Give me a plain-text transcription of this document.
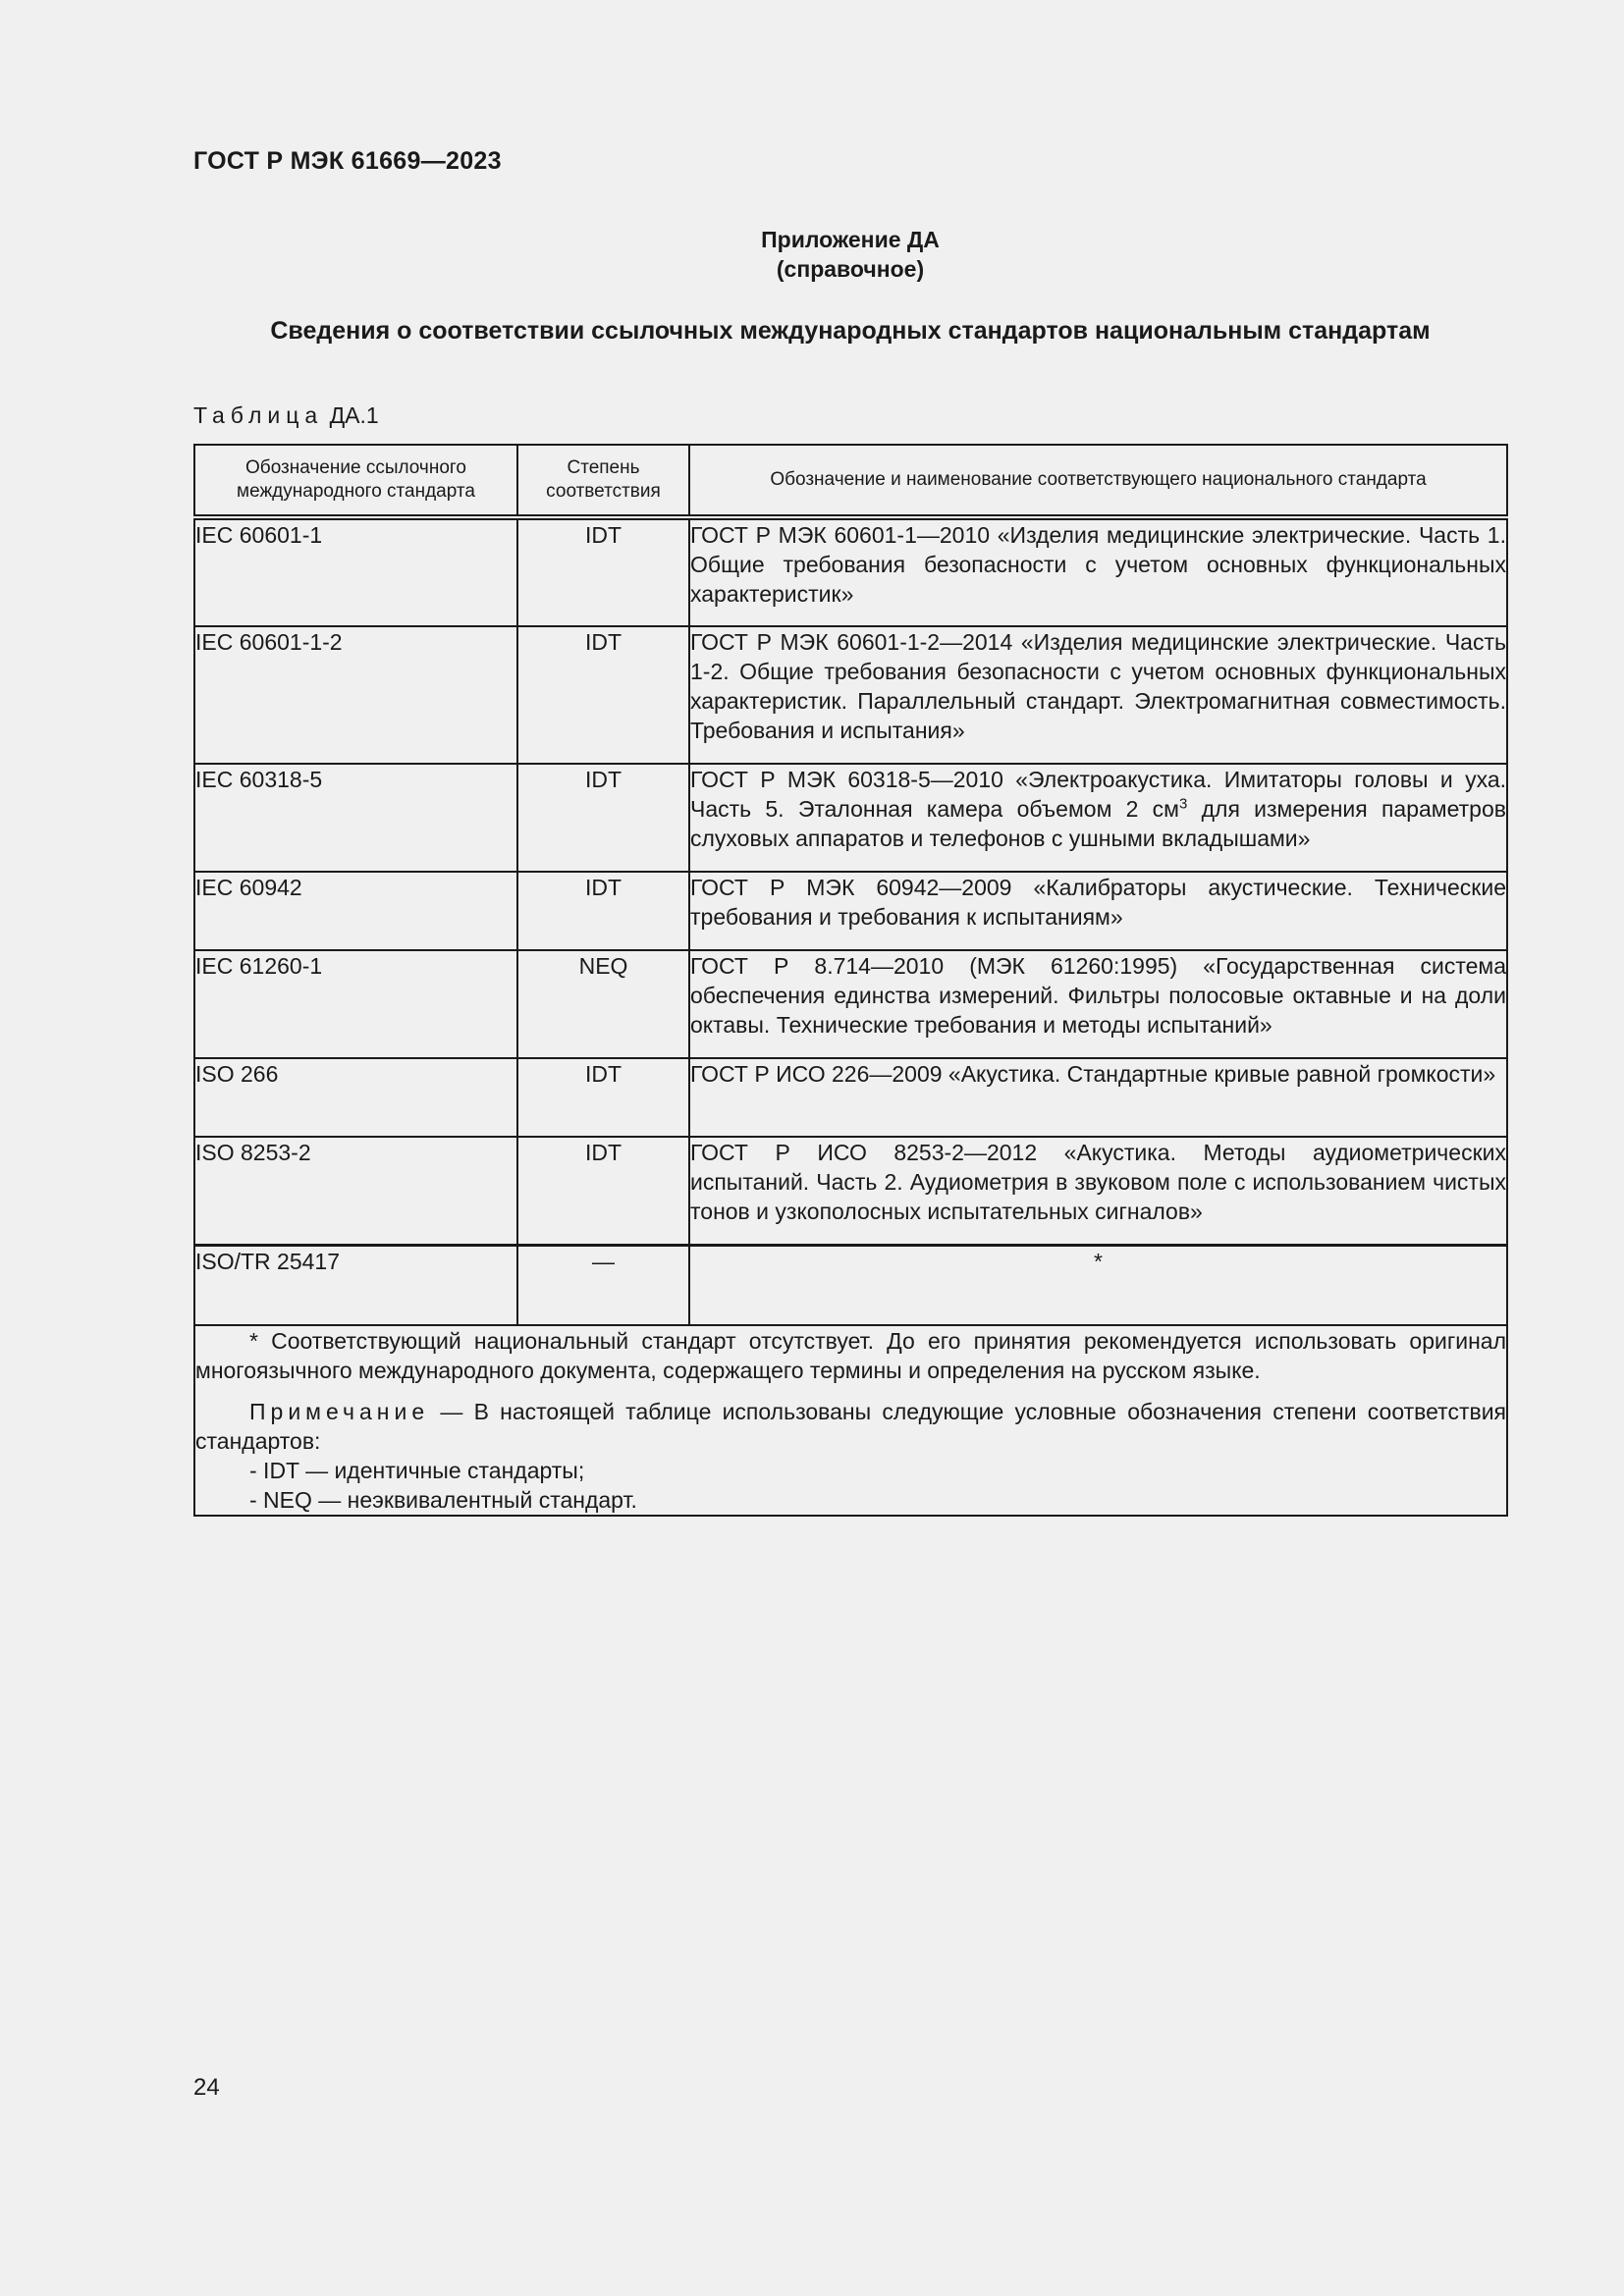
ГОСТ Р МЭК 61669—2023
Приложение ДА
(справочное)
Сведения о соответствии ссылочных международных стандартов национальным стандартам
Таблица ДА.1
Обозначение ссылочного международного стандарта	Степень соответствия	Обозначение и наименование соответствующего национального стандарта
IEC 60601-1	IDT	ГОСТ Р МЭК 60601-1—2010 «Изделия медицинские электрические. Часть 1. Общие требования безопасности с учетом основных функциональных характеристик»
IEC 60601-1-2	IDT	ГОСТ Р МЭК 60601-1-2—2014 «Изделия медицинские электрические. Часть 1-2. Общие требования безопасности с учетом основных функциональных характеристик. Параллельный стандарт. Электромагнитная совместимость. Требования и испытания»
IEC 60318-5	IDT	ГОСТ Р МЭК 60318-5—2010 «Электроакустика. Имитаторы головы и уха. Часть 5. Эталонная камера объемом 2 $см^3$ для измерения параметров слуховых аппаратов и телефонов с ушными вкладышами»
IEC 60942	IDT	ГОСТ Р МЭК 60942—2009 «Калибраторы акустические. Технические требования и требования к испытаниям»
IEC 61260-1	NEQ	ГОСТ Р 8.714—2010 (МЭК 61260:1995) «Государственная система обеспечения единства измерений. Фильтры полосовые октавные и на доли октавы. Технические требования и методы испытаний»
ISO 266	IDT	ГОСТ Р ИСО 226—2009 «Акустика. Стандартные кривые равной громкости»
ISO 8253-2	IDT	ГОСТ Р ИСО 8253-2—2012 «Акустика. Методы аудиометрических испытаний. Часть 2. Аудиометрия в звуковом поле с использованием чистых тонов и узкополосных испытательных сигналов»
ISO/TR 25417	—	*

* Соответствующий национальный стандарт отсутствует. До его принятия рекомендуется использовать оригинал многоязычного международного документа, содержащего термины и определения на русском языке.

Примечание — В настоящей таблице использованы следующие условные обозначения степени соответствия стандартов:

- IDT — идентичные стандарты;

- NEQ — неэквивалентный стандарт.		

24
